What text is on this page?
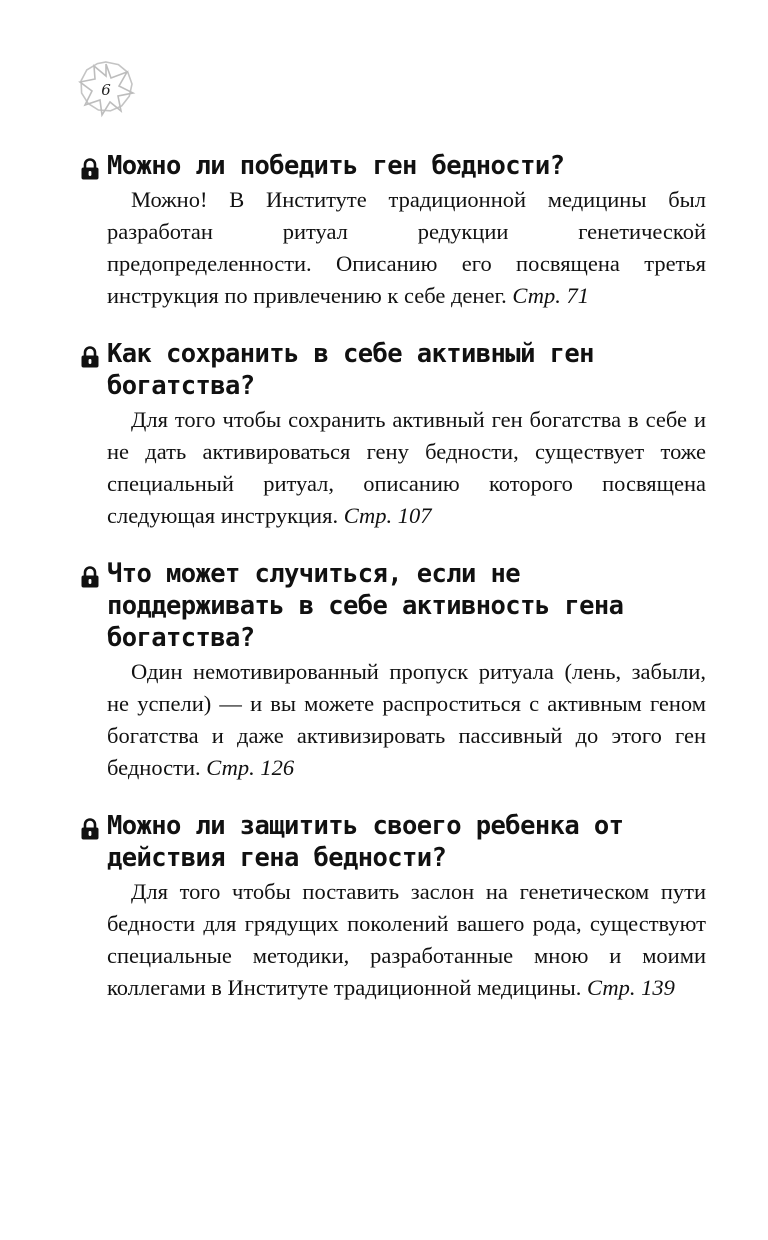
6
Можно ли победить ген бедности?

Можно! В Институте традиционной медицины был разработан ритуал редукции генетической предопределенности. Описанию его посвящена третья инструкция по привлечению к себе денег. Стр. 71

Как сохранить в себе активный ген богатства?

Для того чтобы сохранить активный ген богатства в себе и не дать активироваться гену бедности, существует тоже специальный ритуал, описанию которого посвящена следующая инструкция. Стр. 107

Что может случиться, если не поддерживать в себе активность гена богатства?

Один немотивированный пропуск ритуала (лень, забыли, не успели) — и вы можете распроститься с активным геном богатства и даже активизировать пассивный до этого ген бедности. Стр. 126

Можно ли защитить своего ребенка от действия гена бедности?

Для того чтобы поставить заслон на генетическом пути бедности для грядущих поколений вашего рода, существуют специальные методики, разработанные мною и моими коллегами в Институте традиционной медицины. Стр. 139
